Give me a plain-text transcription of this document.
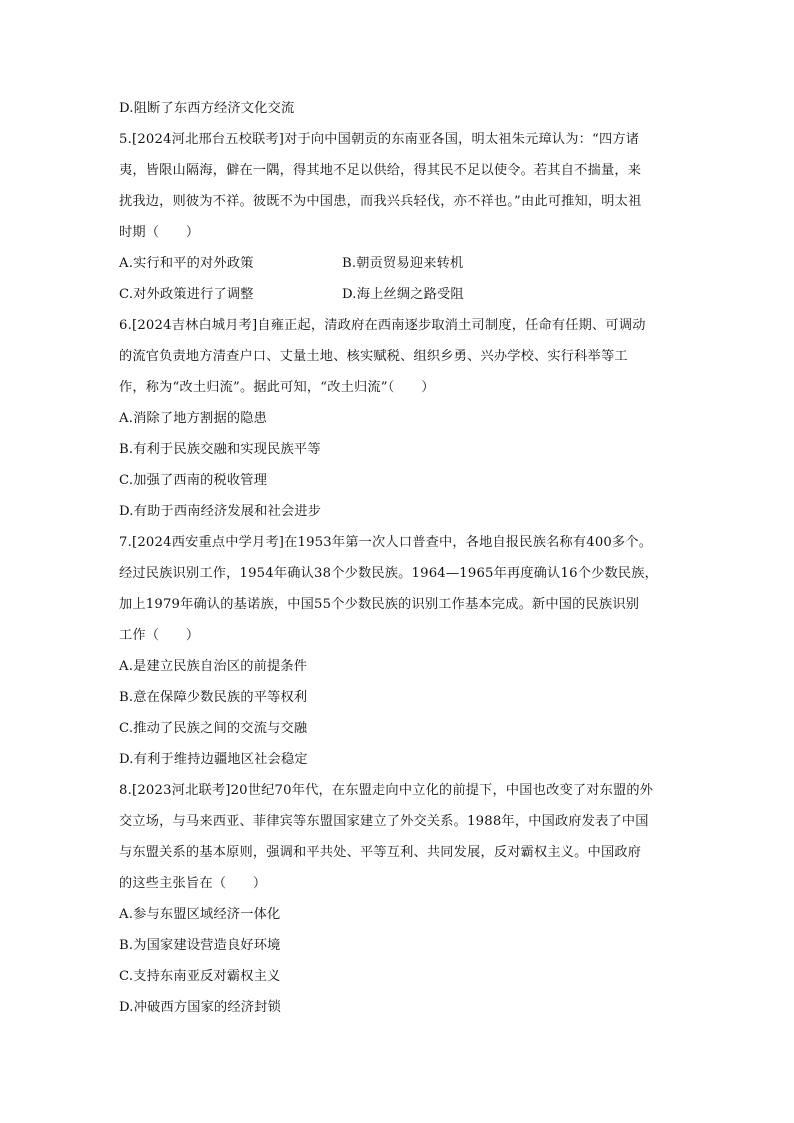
D.阻断了东西方经济文化交流
5.[2024河北邢台五校联考]对于向中国朝贡的东南亚各国，明太祖朱元璋认为：“四方诸
夷，皆限山隔海，僻在一隅，得其地不足以供给，得其民不足以使令。若其自不揣量，来
扰我边，则彼为不祥。彼既不为中国患，而我兴兵轻伐，亦不祥也。”由此可推知，明太祖
时期（　　）
A.实行和平的对外政策	B.朝贡贸易迎来转机
C.对外政策进行了调整	D.海上丝绸之路受阻
6.[2024吉林白城月考]自雍正起，清政府在西南逐步取消土司制度，任命有任期、可调动
的流官负责地方清查户口、丈量土地、核实赋税、组织乡勇、兴办学校、实行科举等工
作，称为“改土归流”。据此可知，“改土归流”（　　）
A.消除了地方割据的隐患
B.有利于民族交融和实现民族平等
C.加强了西南的税收管理
D.有助于西南经济发展和社会进步
7.[2024西安重点中学月考]在1953年第一次人口普查中，各地自报民族名称有400多个。
经过民族识别工作，1954年确认38个少数民族。1964—1965年再度确认16个少数民族，
加上1979年确认的基诺族，中国55个少数民族的识别工作基本完成。新中国的民族识别
工作（　　）
A.是建立民族自治区的前提条件
B.意在保障少数民族的平等权利
C.推动了民族之间的交流与交融
D.有利于维持边疆地区社会稳定
8.[2023河北联考]20世纪70年代，在东盟走向中立化的前提下，中国也改变了对东盟的外
交立场，与马来西亚、菲律宾等东盟国家建立了外交关系。1988年，中国政府发表了中国
与东盟关系的基本原则，强调和平共处、平等互利、共同发展，反对霸权主义。中国政府
的这些主张旨在（　　）
A.参与东盟区域经济一体化
B.为国家建设营造良好环境
C.支持东南亚反对霸权主义
D.冲破西方国家的经济封锁
